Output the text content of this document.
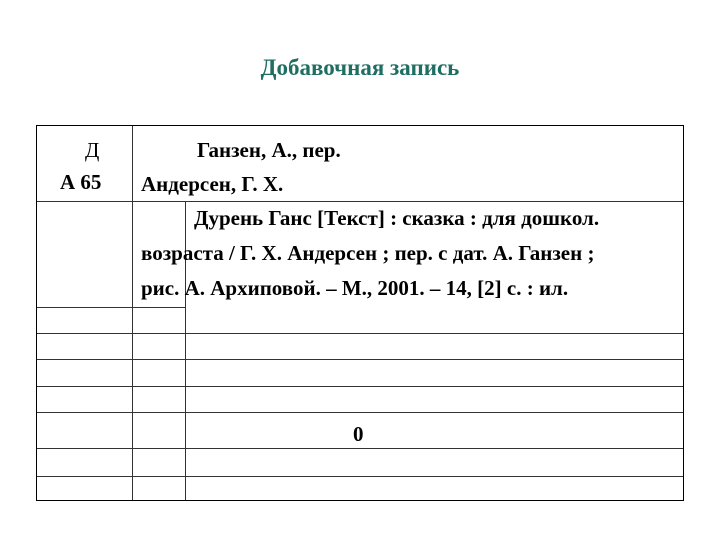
Добавочная запись
Д
А 65
Ганзен, А., пер.
Андерсен, Г. Х.
Дурень Ганс [Текст] : сказка : для дошкол.
возраста / Г. Х. Андерсен ; пер. с дат. А. Ганзен ;
рис. А. Архиповой. – М., 2001. – 14, [2] с. : ил.
0
